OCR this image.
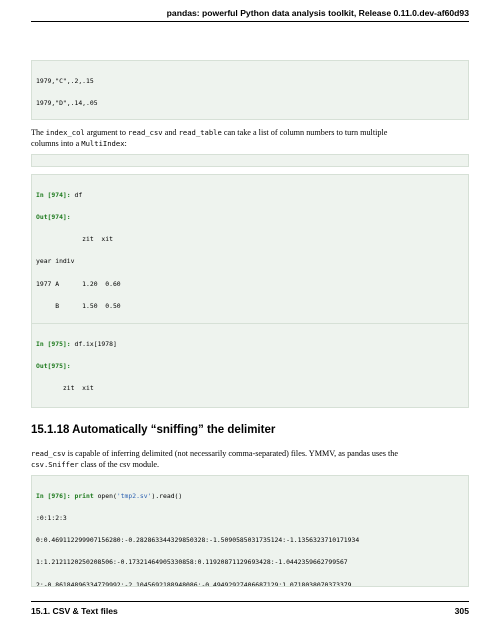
pandas: powerful Python data analysis toolkit, Release 0.11.0.dev-af60d93

1979,"C",.2,.15

1979,"D",.14,.05

The index_col argument to read_csv and read_table can take a list of column numbers to turn multiple
columns into a MultiIndex:

In [974]: df

Out[974]:

zit  xit

year indiv

1977 A      1.20  0.60

B      1.50  0.50

In [975]: df.ix[1978]

Out[975]:

zit  xit

15.1.18 Automatically “sniffing” the delimiter
read_csv is capable of inferring delimited (not necessarily comma-separated) files. YMMV, as pandas uses the
csv.Sniffer class of the csv module.

In [976]: print open('tmp2.sv').read()

:0:1:2:3

0:0.469112299907156280:-0.282863344329850328:-1.5090585031735124:-1.1356323710171934

1:1.2121120250208506:-0.17321464905330858:0.11920871129693428:-1.0442359662799567

2:-0.86184896334779992:-2.1045692188948086:-0.49492927406687129:1.0718038070373379

15.1. CSV & Text files	305
